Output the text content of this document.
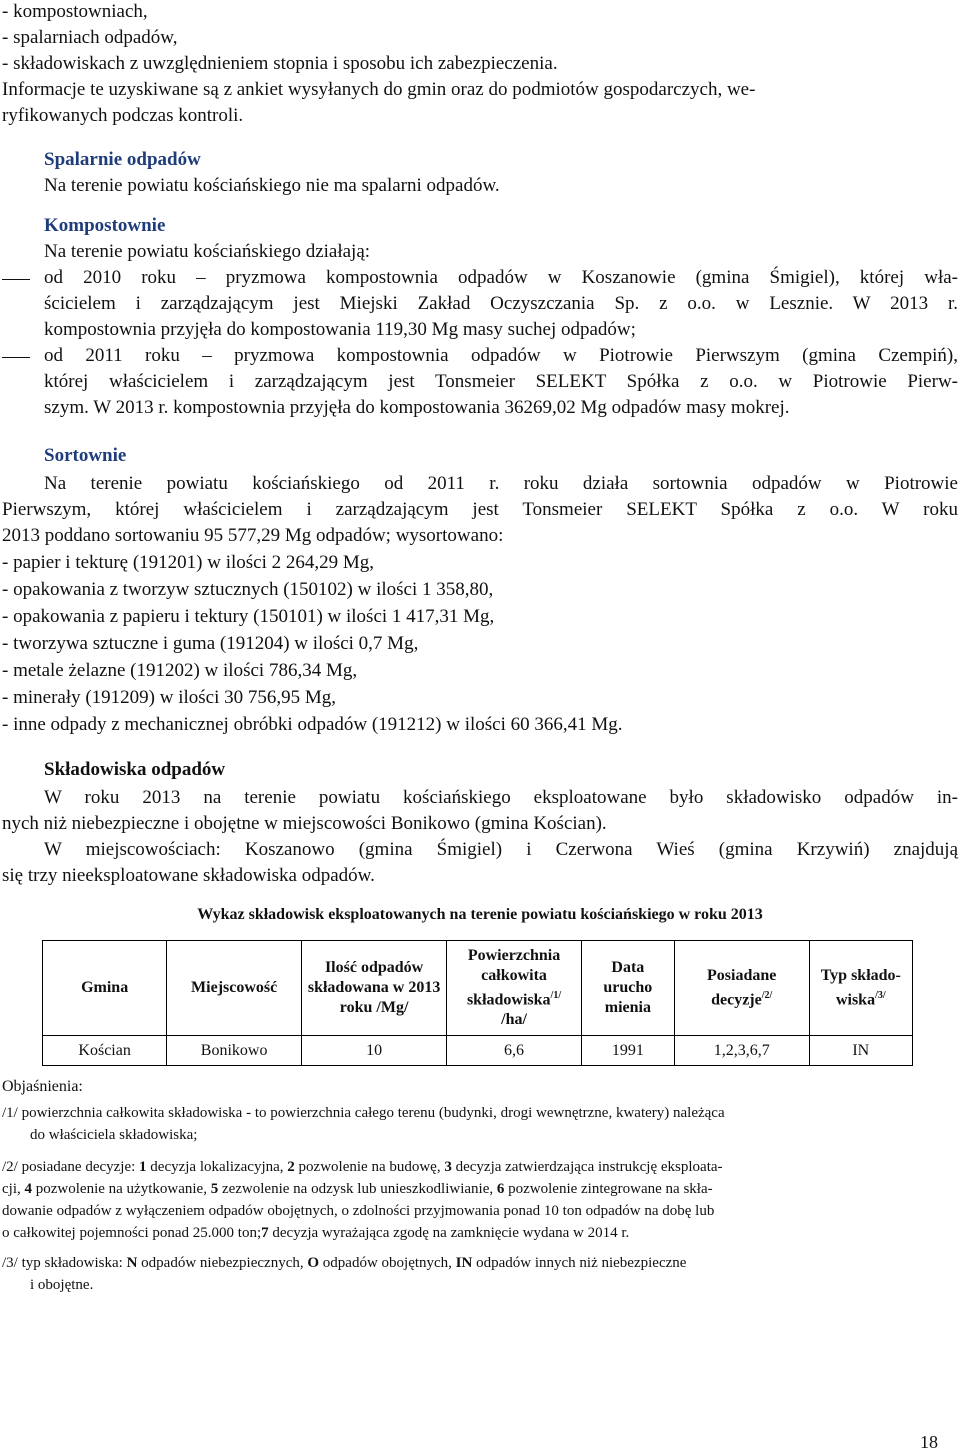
- kompostowniach,
- spalarniach odpadów,
- składowiskach z uwzględnieniem stopnia i sposobu ich zabezpieczenia.
Informacje te uzyskiwane są z ankiet wysyłanych do gmin oraz do podmiotów gospodarczych, we-
ryfikowanych podczas kontroli.
Spalarnie odpadów
Na terenie powiatu kościańskiego nie ma spalarni odpadów.
Kompostownie
Na terenie powiatu kościańskiego działają:
od 2010 roku – pryzmowa kompostownia odpadów w Koszanowie (gmina Śmigiel), której wła-
ścicielem i zarządzającym jest Miejski Zakład Oczyszczania Sp. z o.o. w Lesznie. W 2013 r.
kompostownia przyjęła do kompostowania 119,30 Mg masy suchej odpadów;
od 2011 roku – pryzmowa kompostownia odpadów w Piotrowie Pierwszym (gmina Czempiń),
której właścicielem i zarządzającym jest Tonsmeier SELEKT Spółka z o.o. w Piotrowie Pierw-
szym. W 2013 r. kompostownia przyjęła do kompostowania 36269,02 Mg odpadów masy mokrej.
Sortownie
Na terenie powiatu kościańskiego od 2011 r. roku działa sortownia odpadów w Piotrowie
Pierwszym, której właścicielem i zarządzającym jest Tonsmeier SELEKT Spółka z o.o. W roku
2013 poddano sortowaniu 95 577,29 Mg odpadów; wysortowano:
- papier i tekturę (191201) w ilości 2 264,29 Mg,
- opakowania z tworzyw sztucznych (150102) w ilości 1 358,80,
- opakowania z papieru i tektury (150101) w ilości 1 417,31 Mg,
- tworzywa sztuczne i guma (191204) w ilości 0,7 Mg,
- metale żelazne (191202) w ilości 786,34 Mg,
- minerały (191209) w ilości 30 756,95 Mg,
- inne odpady z mechanicznej obróbki odpadów (191212) w ilości 60 366,41 Mg.
Składowiska odpadów
W roku 2013 na terenie powiatu kościańskiego eksploatowane było składowisko odpadów in-
nych niż niebezpieczne i obojętne w miejscowości Bonikowo (gmina Kościan).
W miejscowościach: Koszanowo (gmina Śmigiel) i Czerwona Wieś (gmina Krzywiń) znajdują
się trzy nieeksploatowane składowiska odpadów.
Wykaz składowisk eksploatowanych na terenie powiatu kościańskiego w roku 2013
Gmina	Miejscowość	Ilość odpadów składowana w 2013 roku /Mg/	Powierzchnia całkowita składowiska$^{/1/}$
/ha/	Data urucho mienia	Posiadane decyzje$^{/2/}$	Typ składo- wiska$^{/3/}$
Kościan	Bonikowo	10	6,6	1991	1,2,3,6,7	IN
Objaśnienia:
/1/ powierzchnia całkowita składowiska - to powierzchnia całego terenu (budynki, drogi wewnętrzne, kwatery) należąca
do właściciela składowiska;
/2/ posiadane decyzje: 1 decyzja lokalizacyjna, 2 pozwolenie na budowę, 3 decyzja zatwierdzająca instrukcję eksploata-
cji, 4 pozwolenie na użytkowanie, 5 zezwolenie na odzysk lub unieszkodliwianie, 6 pozwolenie zintegrowane na skła-
dowanie odpadów z wyłączeniem odpadów obojętnych, o zdolności przyjmowania ponad 10 ton odpadów na dobę lub
o całkowitej pojemności ponad 25.000 ton;7 decyzja wyrażająca zgodę na zamknięcie wydana w 2014 r.
/3/ typ składowiska: N odpadów niebezpiecznych, O odpadów obojętnych, IN odpadów innych niż niebezpieczne
i obojętne.
18
